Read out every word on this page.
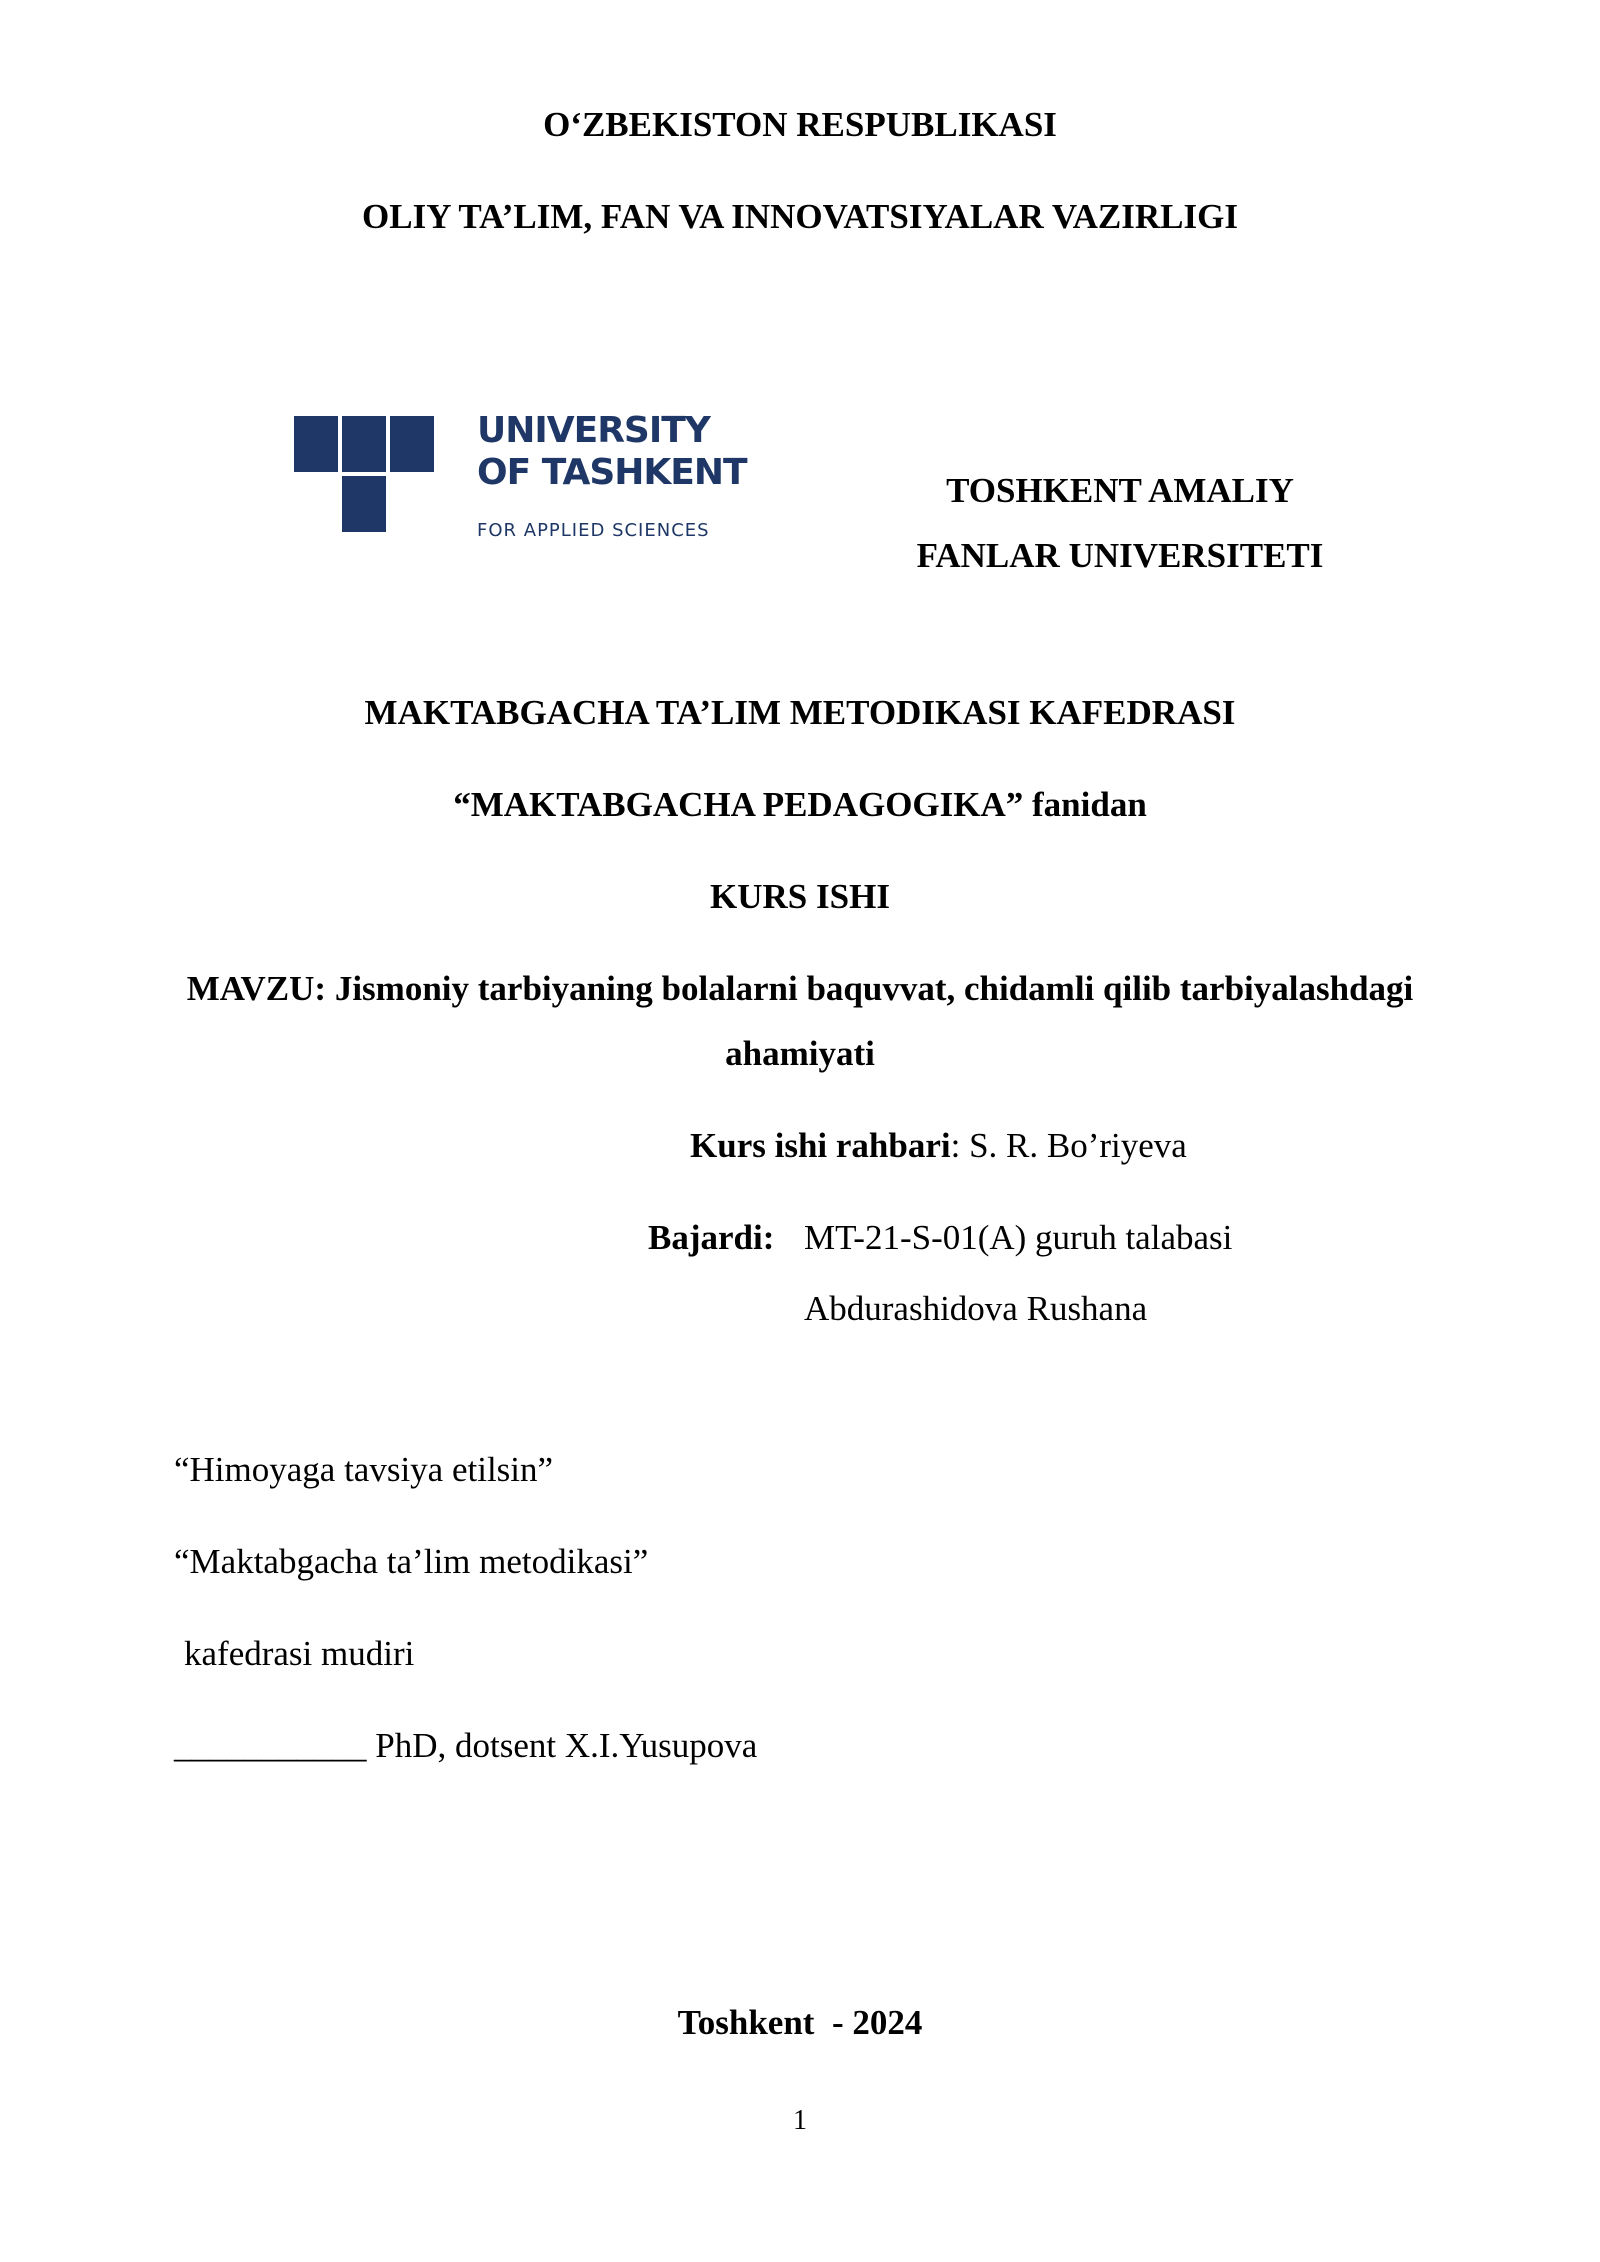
O‘ZBEKISTON RESPUBLIKASI
OLIY TA’LIM, FAN VA INNOVATSIYALAR VAZIRLIGI
UNIVERSITY
OF TASHKENT
FOR APPLIED SCIENCES
TOSHKENT AMALIY
FANLAR UNIVERSITETI
MAKTABGACHA TA’LIM METODIKASI KAFEDRASI
“MAKTABGACHA PEDAGOGIKA” fanidan
KURS ISHI
MAVZU: Jismoniy tarbiyaning bolalarni baquvvat, chidamli qilib tarbiyalashdagi
ahamiyati
Kurs ishi rahbari: S. R. Bo’riyeva
Bajardi: MT-21-S-01(A) guruh talabasi
Abdurashidova Rushana
“Himoyaga tavsiya etilsin”
“Maktabgacha ta’lim metodikasi”
kafedrasi mudiri
___________ PhD, dotsent X.I.Yusupova
Toshkent  - 2024
1
